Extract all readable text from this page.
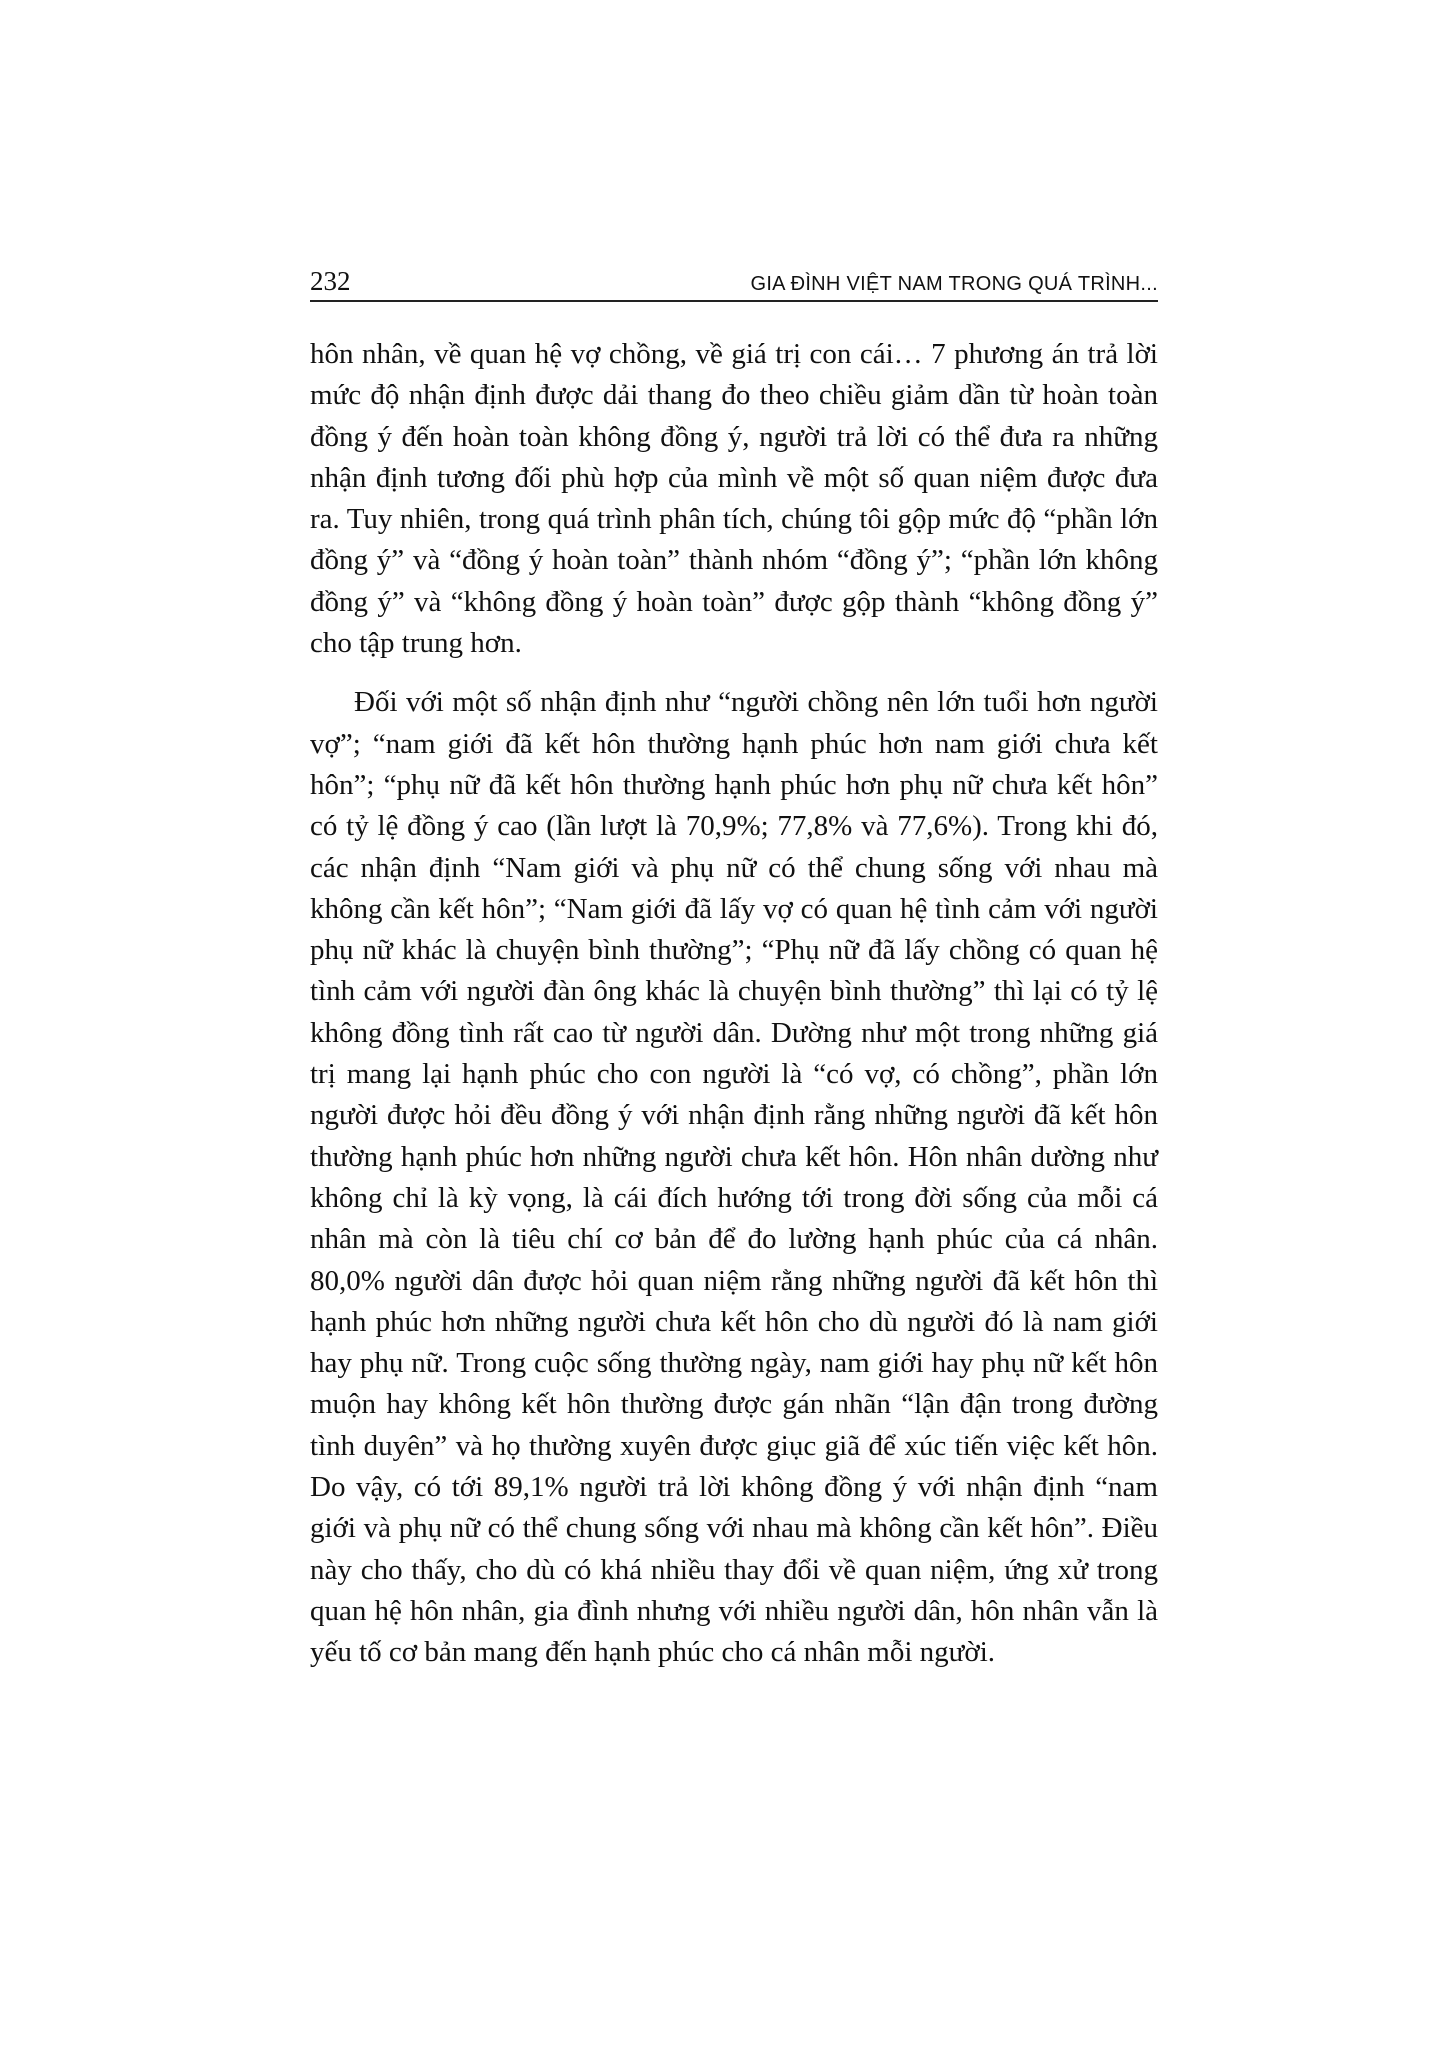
232	GIA ĐÌNH VIỆT NAM TRONG QUÁ TRÌNH...

hôn nhân, về quan hệ vợ chồng, về giá trị con cái… 7 phương án trả lời mức độ nhận định được dải thang đo theo chiều giảm dần từ hoàn toàn đồng ý đến hoàn toàn không đồng ý, người trả lời có thể đưa ra những nhận định tương đối phù hợp của mình về một số quan niệm được đưa ra. Tuy nhiên, trong quá trình phân tích, chúng tôi gộp mức độ “phần lớn đồng ý” và “đồng ý hoàn toàn” thành nhóm “đồng ý”; “phần lớn không đồng ý” và “không đồng ý hoàn toàn” được gộp thành “không đồng ý” cho tập trung hơn.

Đối với một số nhận định như “người chồng nên lớn tuổi hơn người vợ”; “nam giới đã kết hôn thường hạnh phúc hơn nam giới chưa kết hôn”; “phụ nữ đã kết hôn thường hạnh phúc hơn phụ nữ chưa kết hôn” có tỷ lệ đồng ý cao (lần lượt là 70,9%; 77,8% và 77,6%). Trong khi đó, các nhận định “Nam giới và phụ nữ có thể chung sống với nhau mà không cần kết hôn”; “Nam giới đã lấy vợ có quan hệ tình cảm với người phụ nữ khác là chuyện bình thường”; “Phụ nữ đã lấy chồng có quan hệ tình cảm với người đàn ông khác là chuyện bình thường” thì lại có tỷ lệ không đồng tình rất cao từ người dân. Dường như một trong những giá trị mang lại hạnh phúc cho con người là “có vợ, có chồng”, phần lớn người được hỏi đều đồng ý với nhận định rằng những người đã kết hôn thường hạnh phúc hơn những người chưa kết hôn. Hôn nhân dường như không chỉ là kỳ vọng, là cái đích hướng tới trong đời sống của mỗi cá nhân mà còn là tiêu chí cơ bản để đo lường hạnh phúc của cá nhân. 80,0% người dân được hỏi quan niệm rằng những người đã kết hôn thì hạnh phúc hơn những người chưa kết hôn cho dù người đó là nam giới hay phụ nữ. Trong cuộc sống thường ngày, nam giới hay phụ nữ kết hôn muộn hay không kết hôn thường được gán nhãn “lận đận trong đường tình duyên” và họ thường xuyên được giục giã để xúc tiến việc kết hôn. Do vậy, có tới 89,1% người trả lời không đồng ý với nhận định “nam giới và phụ nữ có thể chung sống với nhau mà không cần kết hôn”. Điều này cho thấy, cho dù có khá nhiều thay đổi về quan niệm, ứng xử trong quan hệ hôn nhân, gia đình nhưng với nhiều người dân, hôn nhân vẫn là yếu tố cơ bản mang đến hạnh phúc cho cá nhân mỗi người.
